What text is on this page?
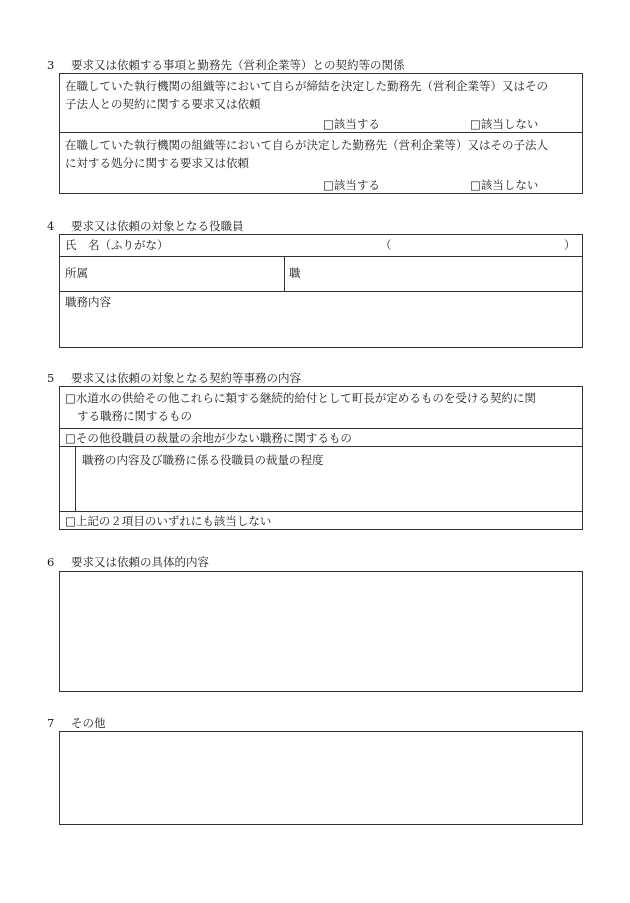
3 要求又は依頼する事項と勤務先（営利企業等）との契約等の関係
在職していた執行機関の組織等において自らが締結を決定した勤務先（営利企業等）又はその
子法人との契約に関する要求又は依頼
□該当する	□該当しない
在職していた執行機関の組織等において自らが決定した勤務先（営利企業等）又はその子法人
に対する処分に関する要求又は依頼
□該当する	□該当しない
4 要求又は依頼の対象となる役職員
氏　名（ふりがな）	（	）
所属	職
職務内容
5 要求又は依頼の対象となる契約等事務の内容
□水道水の供給その他これらに類する継続的給付として町長が定めるものを受ける契約に関
する職務に関するもの
□その他役職員の裁量の余地が少ない職務に関するもの
職務の内容及び職務に係る役職員の裁量の程度
□上記の２項目のいずれにも該当しない
6 要求又は依頼の具体的内容
7 その他
